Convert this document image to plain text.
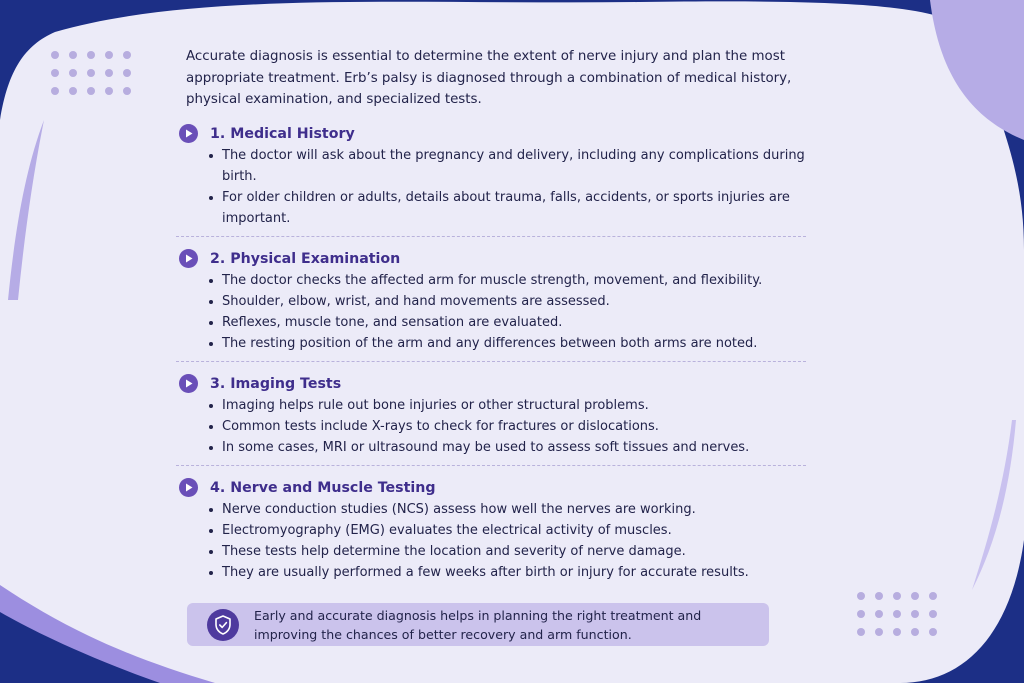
Accurate diagnosis is essential to determine the extent of nerve injury and plan the most appropriate treatment. Erb’s palsy is diagnosed through a combination of medical history, physical examination, and specialized tests.

1. Medical History
The doctor will ask about the pregnancy and delivery, including any complications during birth.
For older children or adults, details about trauma, falls, accidents, or sports injuries are important.
2. Physical Examination
The doctor checks the affected arm for muscle strength, movement, and flexibility.
Shoulder, elbow, wrist, and hand movements are assessed.
Reflexes, muscle tone, and sensation are evaluated.
The resting position of the arm and any differences between both arms are noted.
3. Imaging Tests
Imaging helps rule out bone injuries or other structural problems.
Common tests include X-rays to check for fractures or dislocations.
In some cases, MRI or ultrasound may be used to assess soft tissues and nerves.
4. Nerve and Muscle Testing
Nerve conduction studies (NCS) assess how well the nerves are working.
Electromyography (EMG) evaluates the electrical activity of muscles.
These tests help determine the location and severity of nerve damage.
They are usually performed a few weeks after birth or injury for accurate results.
Early and accurate diagnosis helps in planning the right treatment and improving the chances of better recovery and arm function.
